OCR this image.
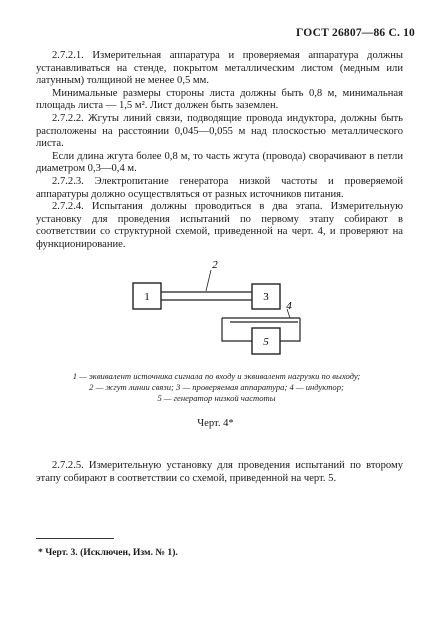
ГОСТ 26807—86 С. 10

2.7.2.1. Измерительная аппаратура и проверяемая аппаратура должны устанавливаться на стенде, покрытом металлическим листом (медным или латунным) толщиной не менее 0,5 мм.

Минимальные размеры стороны листа должны быть 0,8 м, минимальная площадь листа — 1,5 м². Лист должен быть заземлен.

2.7.2.2. Жгуты линий связи, подводящие провода индуктора, должны быть расположены на расстоянии 0,045—0,055 м над плоскостью металлического листа.

Если длина жгута более 0,8 м, то часть жгута (провода) сворачивают в петли диаметром 0,3—0,4 м.

2.7.2.3. Электропитание генератора низкой частоты и проверяемой аппаратуры должно осуществляться от разных источников питания.

2.7.2.4. Испытания должны проводиться в два этапа. Измерительную установку для проведения испытаний по первому этапу собирают в соответствии со структурной схемой, приведенной на черт. 4, и проверяют на функционирование.

1
2
3
4
5
1 — эквивалент источника сигнала по входу и эквивалент нагрузки по выходу;
2 — жгут линии связи; 3 — проверяемая аппаратура; 4 — индуктор;
5 — генератор низкой частоты
Черт. 4*

2.7.2.5. Измерительную установку для проведения испытаний по второму этапу собирают в соответствии со схемой, приведенной на черт. 5.

* Черт. 3. (Исключен, Изм. № 1).
